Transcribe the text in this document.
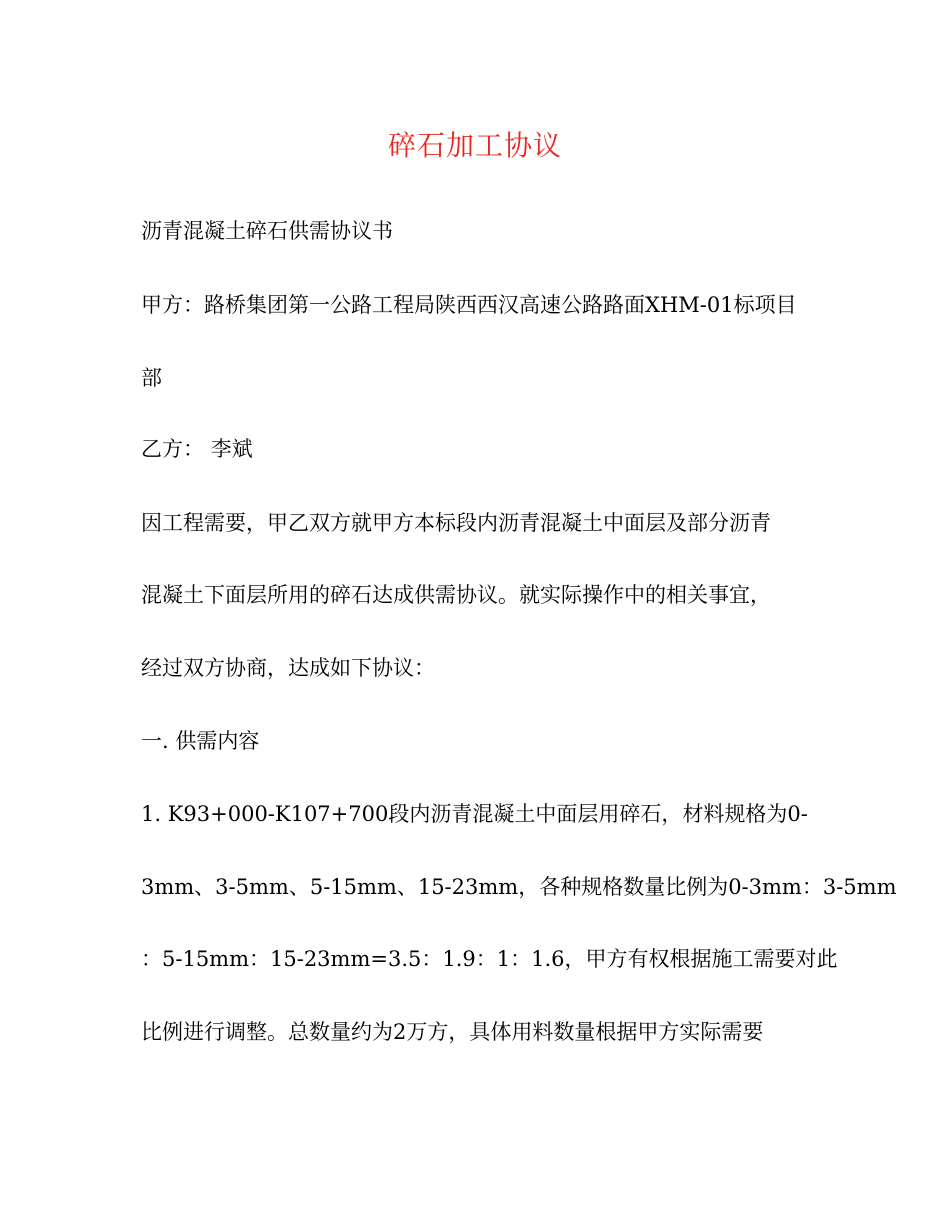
碎石加工协议
沥青混凝土碎石供需协议书
甲方：路桥集团第一公路工程局陕西西汉高速公路路面XHM-01标项目
部
乙方： 李斌
因工程需要，甲乙双方就甲方本标段内沥青混凝土中面层及部分沥青
混凝土下面层所用的碎石达成供需协议。就实际操作中的相关事宜，
经过双方协商，达成如下协议：
一. 供需内容
1. K93+000-K107+700段内沥青混凝土中面层用碎石，材料规格为0-
3mm、3-5mm、5-15mm、15-23mm，各种规格数量比例为0-3mm：3-5mm
：5-15mm：15-23mm=3.5：1.9：1：1.6，甲方有权根据施工需要对此
比例进行调整。总数量约为2万方，具体用料数量根据甲方实际需要
